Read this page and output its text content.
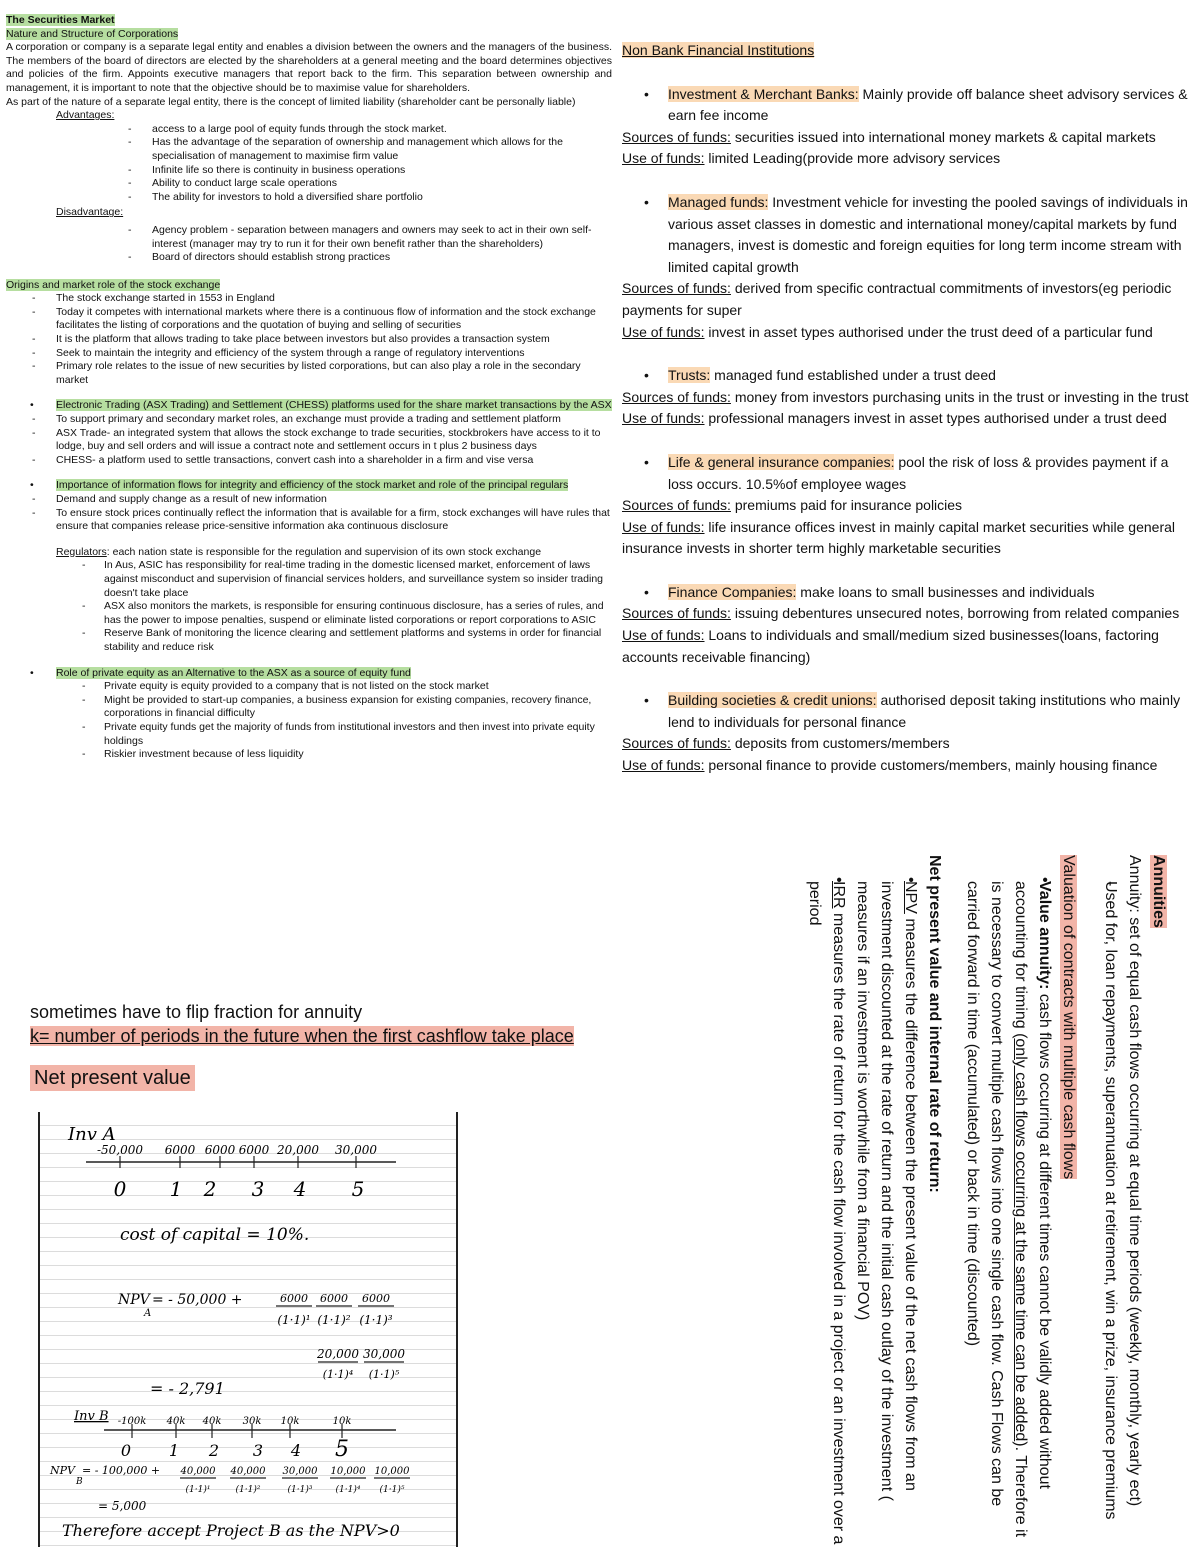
The Securities Market

Nature and Structure of Corporations

A corporation or company is a separate legal entity and enables a division between the owners and the managers of the business. The members of the board of directors are elected by the shareholders at a general meeting and the board determines objectives and policies of the firm. Appoints executive managers that report back to the firm. This separation between ownership and management, it is important to note that the objective should be to maximise value for shareholders.

As part of the nature of a separate legal entity, there is the concept of limited liability (shareholder cant be personally liable)

Advantages:

- access to a large pool of equity funds through the stock market.
- Has the advantage of the separation of ownership and management which allows for the specialisation of management to maximise firm value
- Infinite life so there is continuity in business operations
- Ability to conduct large scale operations
- The ability for investors to hold a diversified share portfolio

Disadvantage:

- Agency problem - separation between managers and owners may seek to act in their own self-interest (manager may try to run it for their own benefit rather than the shareholders)
- Board of directors should establish strong practices

Origins and market role of the stock exchange

- The stock exchange started in 1553 in England
- Today it competes with international markets where there is a continuous flow of information and the stock exchange facilitates the listing of corporations and the quotation of buying and selling of securities
- It is the platform that allows trading to take place between investors but also provides a transaction system
- Seek to maintain the integrity and efficiency of the system through a range of regulatory interventions
- Primary role relates to the issue of new securities by listed corporations, but can also play a role in the secondary market

• Electronic Trading (ASX Trading) and Settlement (CHESS) platforms used for the share market transactions by the ASX

- To support primary and secondary market roles, an exchange must provide a trading and settlement platform
- ASX Trade- an integrated system that allows the stock exchange to trade securities, stockbrokers have access to it to lodge, buy and sell orders and will issue a contract note and settlement occurs in t plus 2 business days
- CHESS- a platform used to settle transactions, convert cash into a shareholder in a firm and vise versa

• Importance of information flows for integrity and efficiency of the stock market and role of the principal regulars

- Demand and supply change as a result of new information
- To ensure stock prices continually reflect the information that is available for a firm, stock exchanges will have rules that ensure that companies release price-sensitive information aka continuous disclosure

Regulators: each nation state is responsible for the regulation and supervision of its own stock exchange

- In Aus, ASIC has responsibility for real-time trading in the domestic licensed market, enforcement of laws against misconduct and supervision of financial services holders, and surveillance system so insider trading doesn't take place
- ASX also monitors the markets, is responsible for ensuring continuous disclosure, has a series of rules, and has the power to impose penalties, suspend or eliminate listed corporations or report corporations to ASIC
- Reserve Bank of monitoring the licence clearing and settlement platforms and systems in order for financial stability and reduce risk

• Role of private equity as an Alternative to the ASX as a source of equity fund

- Private equity is equity provided to a company that is not listed on the stock market
- Might be provided to start-up companies, a business expansion for existing companies, recovery finance, corporations in financial difficulty
- Private equity funds get the majority of funds from institutional investors and then invest into private equity holdings
- Riskier investment because of less liquidity

sometimes have to flip fraction for annuity

k= number of periods in the future when the first cashflow take place

Net present value

Inv A
-50,000 6000 6000 6000 20,000 30,000
0 1 2 3 4 5
cost of capital = 10%.
NPV
A
= - 50,000 +	6000
(1·1)¹
6000
(1·1)²
6000
(1·1)³
20,000
(1·1)⁴
30,000
(1·1)⁵
= - 2,791
Inv B -100k 40k 40k 30k 10k	10k
0 1 2 3 4 5
NPV
B
= - 100,000 + 40,000
(1·1)¹
40,000
(1·1)²
30,000
(1·1)³
10,000
(1·1)⁴
10,000
(1·1)⁵
= 5,000
Therefore accept Project B as the NPV>0

Non Bank Financial Institutions

• Investment & Merchant Banks: Mainly provide off balance sheet advisory services & earn fee income

Sources of funds: securities issued into international money markets & capital markets

Use of funds: limited Leading(provide more advisory services

• Managed funds: Investment vehicle for investing the pooled savings of individuals in various asset classes in domestic and international money/capital markets by fund managers, invest is domestic and foreign equities for long term income stream with limited capital growth

Sources of funds: derived from specific contractual commitments of investors(eg periodic payments for super

Use of funds: invest in asset types authorised under the trust deed of a particular fund

• Trusts: managed fund established under a trust deed

Sources of funds: money from investors purchasing units in the trust or investing in the trust

Use of funds: professional managers invest in asset types authorised under a trust deed

• Life & general insurance companies: pool the risk of loss & provides payment if a loss occurs. 10.5%of employee wages

Sources of funds: premiums paid for insurance policies

Use of funds: life insurance offices invest in mainly capital market securities while general insurance invests in shorter term highly marketable securities

• Finance Companies: make loans to small businesses and individuals

Sources of funds: issuing debentures unsecured notes, borrowing from related companies

Use of funds: Loans to individuals and small/medium sized businesses(loans, factoring accounts receivable financing)

• Building societies & credit unions: authorised deposit taking institutions who mainly lend to individuals for personal finance

Sources of funds: deposits from customers/members

Use of funds: personal finance to provide customers/members, mainly housing finance

Annuities

Annuity: set of equal cash flows occurring at equal time periods (weekly, monthly, yearly ect)

- Used for, loan repayments, superannuation at retirement, win a prize, insurance premiums

Valuation of contracts with multiple cash flows

• Value annuity: cash flows occurring at different times cannot be validly added without accounting for timing (only cash flows occurring at the same time can be added). Therefore it is necessary to convert multiple cash flows into one single cash flow. Cash Flows can be carried forward in time (accumulated) or back in time (discounted)

Net present value and internal rate of return:

• NPV measures the difference between the present value of the net cash flows from an investment discounted at the rate of return and the initial cash outlay of the investment ( measures if an investment is worthwhile from a financial POV)

• IRR measures the rate of return for the cash flow involved in a project or an investment over a period
